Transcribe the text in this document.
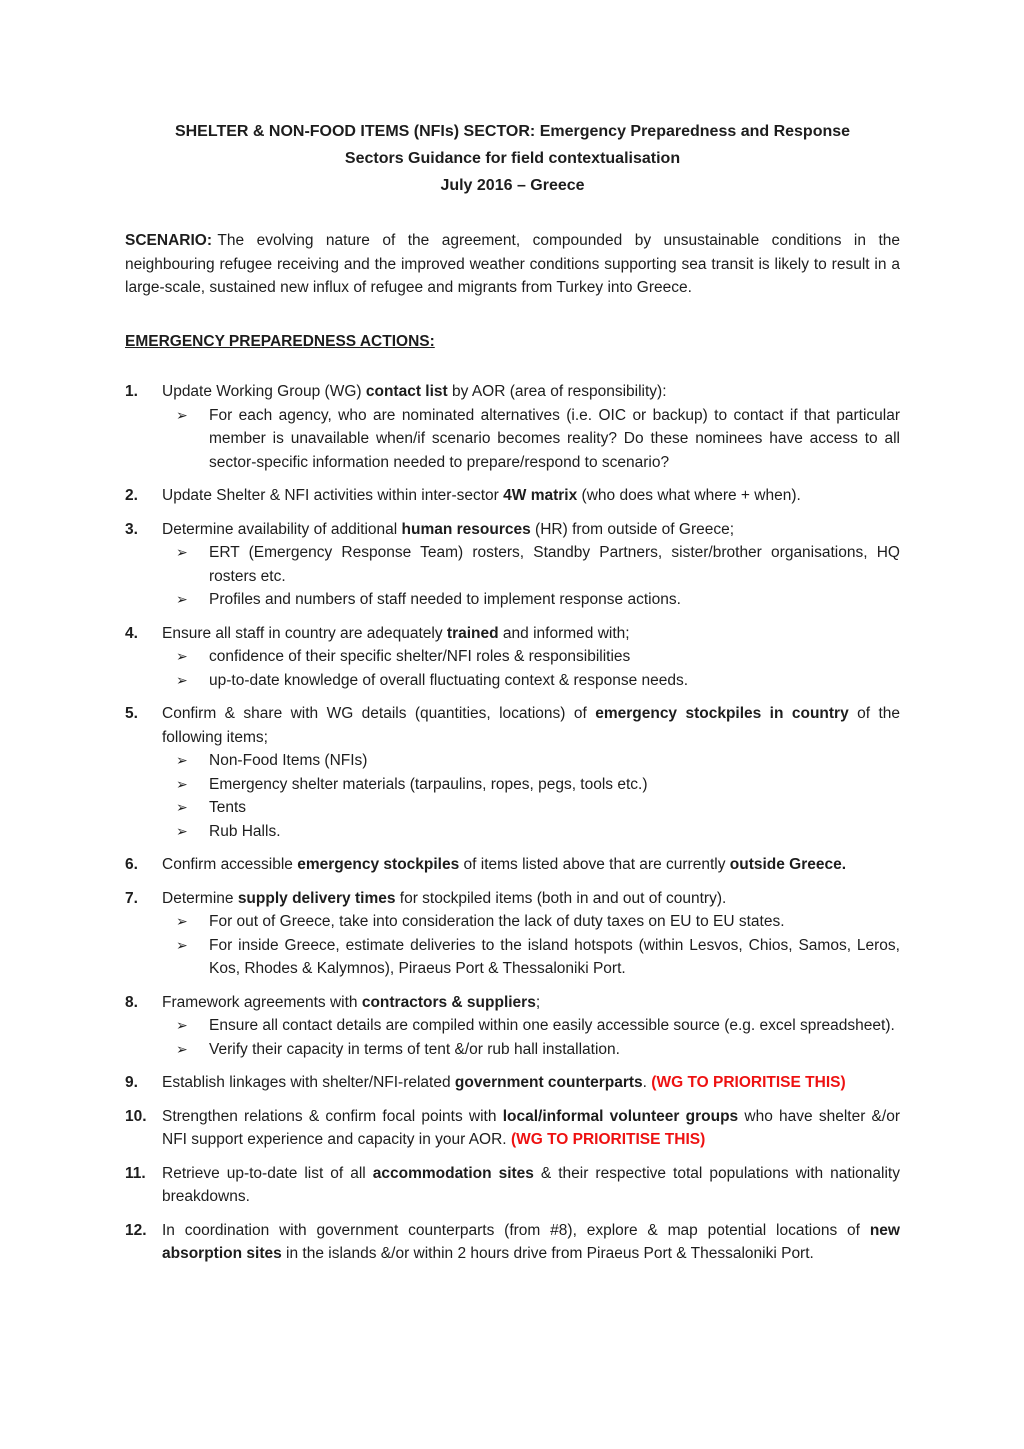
SHELTER & NON-FOOD ITEMS (NFIs) SECTOR: Emergency Preparedness and Response
Sectors Guidance for field contextualisation
July 2016 – Greece

SCENARIO: The evolving nature of the agreement, compounded by unsustainable conditions in the neighbouring refugee receiving and the improved weather conditions supporting sea transit is likely to result in a large-scale, sustained new influx of refugee and migrants from Turkey into Greece.

EMERGENCY PREPAREDNESS ACTIONS:
1.	Update Working Group (WG) contact list by AOR (area of responsibility):
➢	For each agency, who are nominated alternatives (i.e. OIC or backup) to contact if that particular member is unavailable when/if scenario becomes reality? Do these nominees have access to all sector-specific information needed to prepare/respond to scenario?
2.	Update Shelter & NFI activities within inter-sector 4W matrix (who does what where + when).
3.	Determine availability of additional human resources (HR) from outside of Greece;
➢	ERT (Emergency Response Team) rosters, Standby Partners, sister/brother organisations, HQ rosters etc.
➢	Profiles and numbers of staff needed to implement response actions.
4.	Ensure all staff in country are adequately trained and informed with;
➢	confidence of their specific shelter/NFI roles & responsibilities
➢	up-to-date knowledge of overall fluctuating context & response needs.
5.	Confirm & share with WG details (quantities, locations) of emergency stockpiles in country of the following items;
➢	Non-Food Items (NFIs)
➢	Emergency shelter materials (tarpaulins, ropes, pegs, tools etc.)
➢	Tents
➢	Rub Halls.
6.	Confirm accessible emergency stockpiles of items listed above that are currently outside Greece.
7.	Determine supply delivery times for stockpiled items (both in and out of country).
➢	For out of Greece, take into consideration the lack of duty taxes on EU to EU states.
➢	For inside Greece, estimate deliveries to the island hotspots (within Lesvos, Chios, Samos, Leros, Kos, Rhodes & Kalymnos), Piraeus Port & Thessaloniki Port.
8.	Framework agreements with contractors & suppliers;
➢	Ensure all contact details are compiled within one easily accessible source (e.g. excel spreadsheet).
➢	Verify their capacity in terms of tent &/or rub hall installation.
9.	Establish linkages with shelter/NFI-related government counterparts. (WG TO PRIORITISE THIS)
10. Strengthen relations & confirm focal points with local/informal volunteer groups who have shelter &/or NFI support experience and capacity in your AOR. (WG TO PRIORITISE THIS)
11.	Retrieve up-to-date list of all accommodation sites & their respective total populations with nationality breakdowns.
12. In coordination with government counterparts (from #8), explore & map potential locations of new absorption sites in the islands &/or within 2 hours drive from Piraeus Port & Thessaloniki Port.
